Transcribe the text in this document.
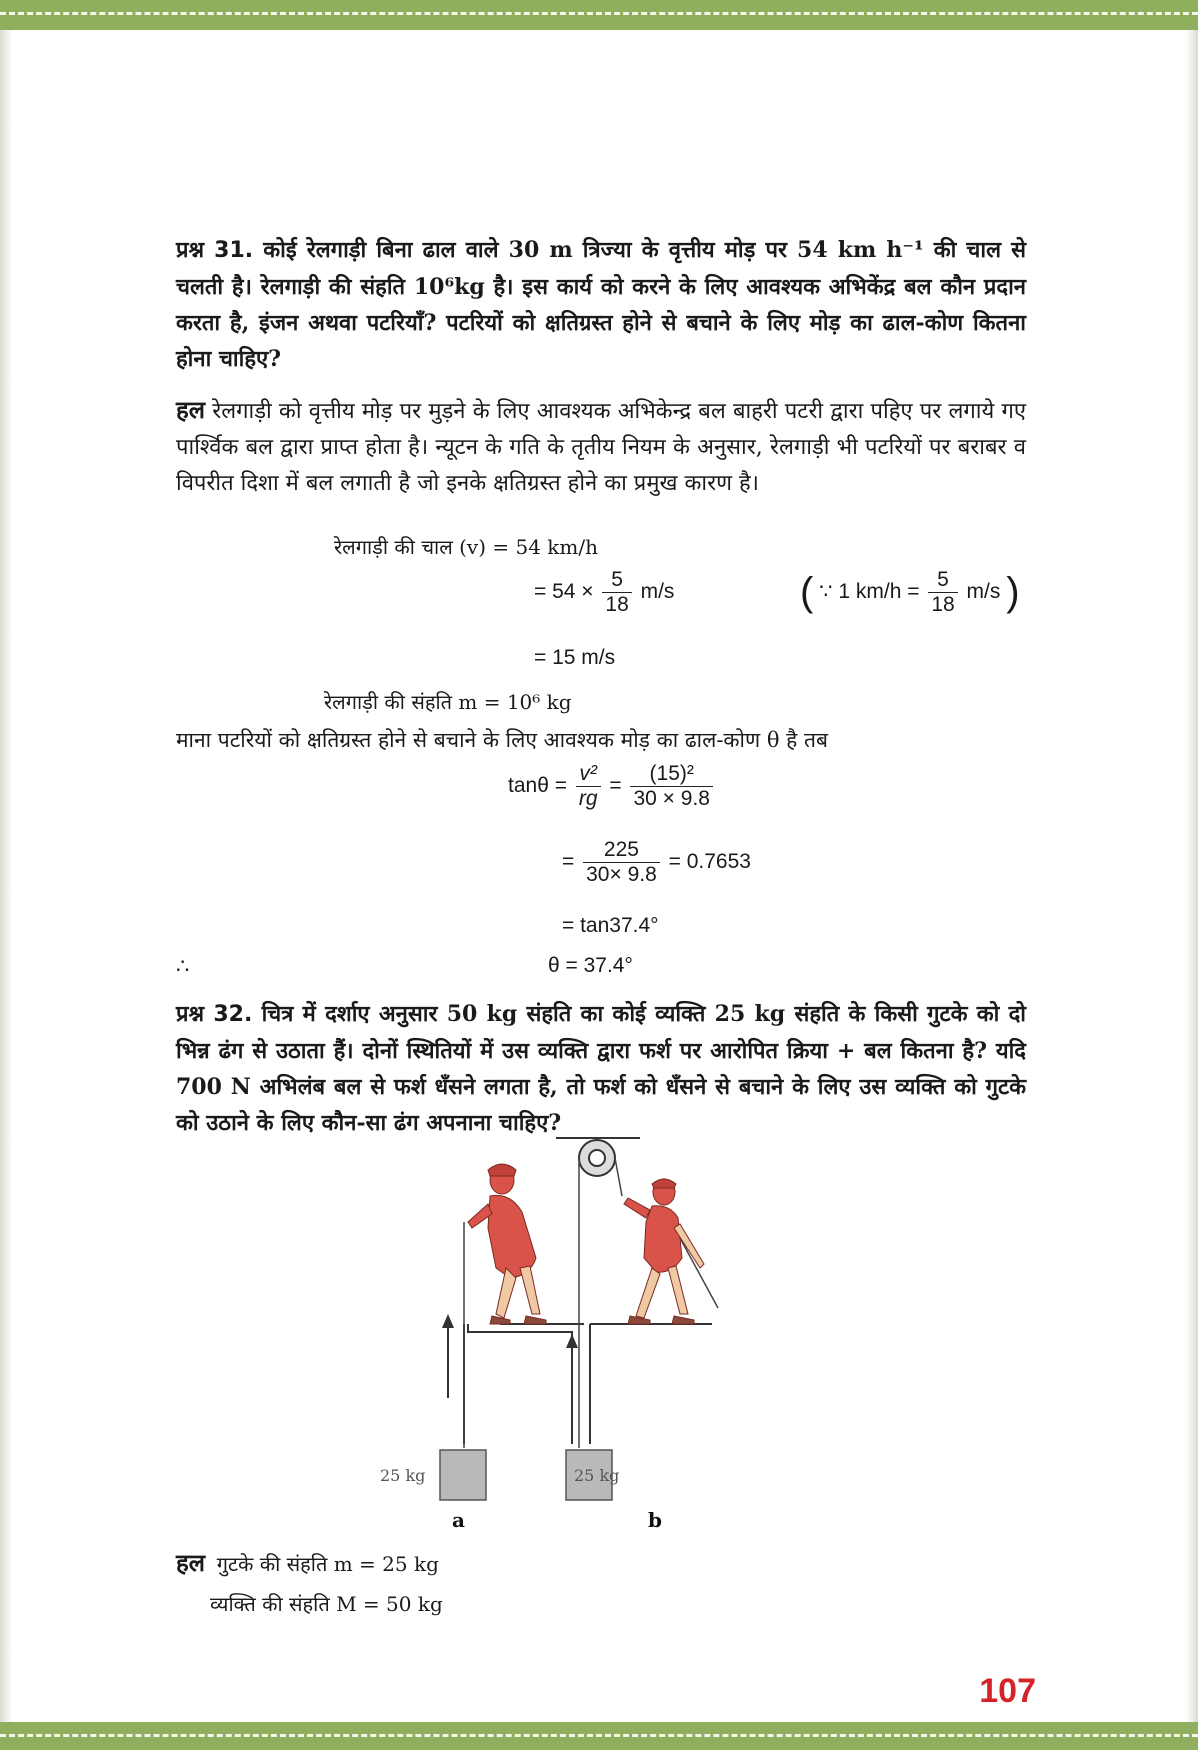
प्रश्न 31. कोई रेलगाड़ी बिना ढाल वाले 30 m त्रिज्या के वृत्तीय मोड़ पर 54 km h⁻¹ की चाल से चलती है। रेलगाड़ी की संहति 10⁶kg है। इस कार्य को करने के लिए आवश्यक अभिकेंद्र बल कौन प्रदान करता है, इंजन अथवा पटरियाँ? पटरियों को क्षतिग्रस्त होने से बचाने के लिए मोड़ का ढाल-कोण कितना होना चाहिए?
हल रेलगाड़ी को वृत्तीय मोड़ पर मुड़ने के लिए आवश्यक अभिकेन्द्र बल बाहरी पटरी द्वारा पहिए पर लगाये गए पार्श्विक बल द्वारा प्राप्त होता है। न्यूटन के गति के तृतीय नियम के अनुसार, रेलगाड़ी भी पटरियों पर बराबर व विपरीत दिशा में बल लगाती है जो इनके क्षतिग्रस्त होने का प्रमुख कारण है।
रेलगाड़ी की चाल (v) = 54 km/h
= $54 \times \frac{5}{18} m/s$	( ∵ 1 $km/h = \frac{5}{18} m/s$ )
= 15 m/s
रेलगाड़ी की संहति m = 10⁶ kg
माना पटरियों को क्षतिग्रस्त होने से बचाने के लिए आवश्यक मोड़ का ढाल-कोण θ है तब
$\tan\theta = \frac{\text{v²}}{rg} = \frac{\text{(15)²}}{30 \times 9.8}$
= $\frac{225}{30\times 9.8} = 0.7653$
= tan37.4°
∴	θ = 37.4°
प्रश्न 32. चित्र में दर्शाए अनुसार 50 kg संहति का कोई व्यक्ति 25 kg संहति के किसी गुटके को दो भिन्न ढंग से उठाता हैं। दोनों स्थितियों में उस व्यक्ति द्वारा फर्श पर आरोपित क्रिया + बल कितना है? यदि 700 N अभिलंब बल से फर्श धँसने लगता है, तो फर्श को धँसने से बचाने के लिए उस व्यक्ति को गुटके को उठाने के लिए कौन-सा ढंग अपनाना चाहिए?
25 kg	25 kg
a	b
हल गुटके की संहति m = 25 kg
व्यक्ति की संहति M = 50 kg
107
